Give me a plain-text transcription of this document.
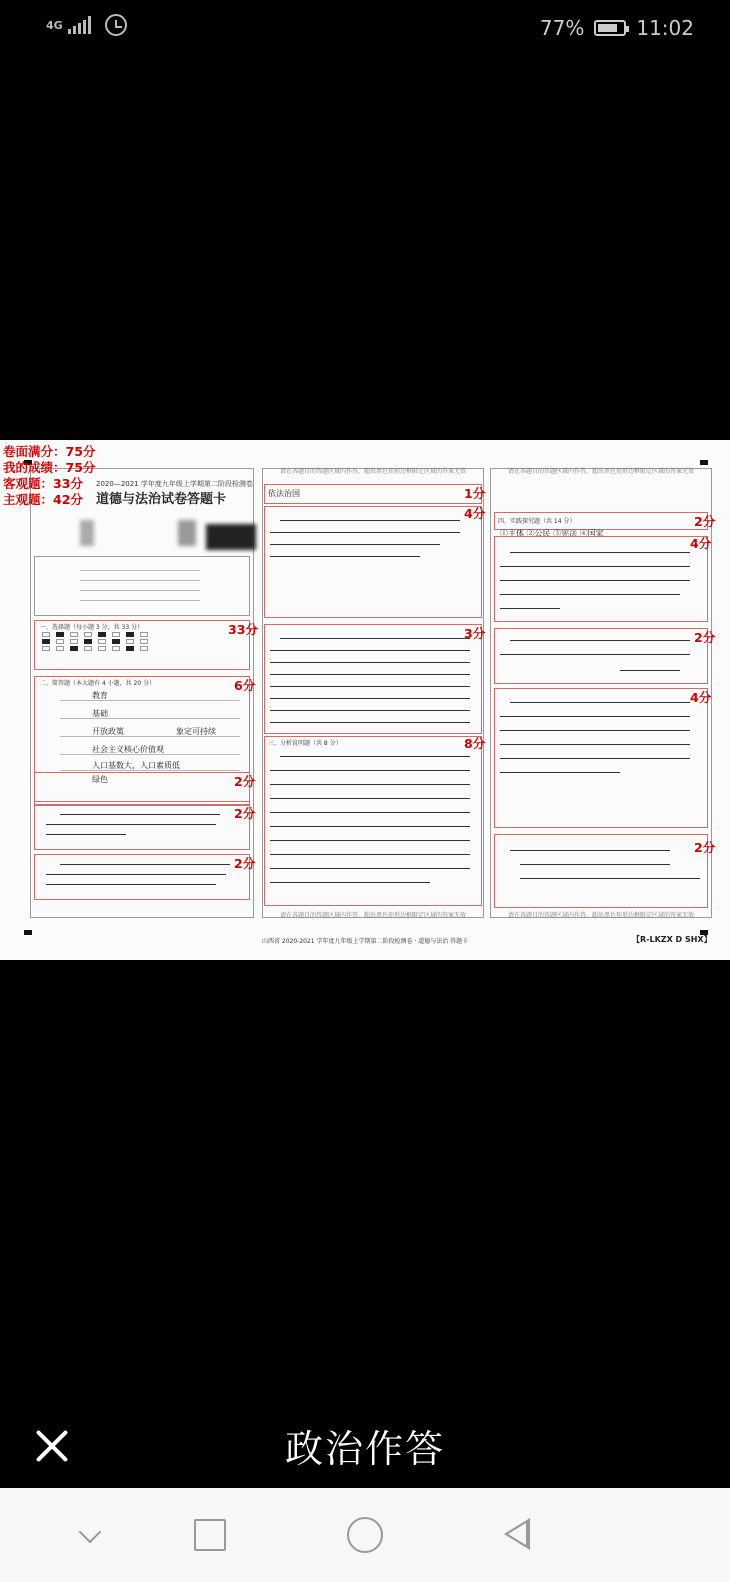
4G	77%	11:02
卷面满分：75分
我的成绩：75分
客观题：33分
主观题：42分
2020—2021 学年度九年级上学期第二阶段检测卷
道德与法治试卷答题卡
一、选择题（每小题 3 分，共 33 分）	33分
二、简答题（本大题有 4 小题，共 20 分）	6分
教育
基础
开放政策	象定可持续
社会主义核心价值观
人口基数大，人口素质低
绿色	2分
2分
2分
请在各题目的答题区域内作答，超出黑色矩形边框限定区域的答案无效
依法治国	1分
4分
3分
三、分析说明题（共 8 分）	8分
请在各题目的答题区域内作答，超出黑色矩形边框限定区域的答案无效
请在各题目的答题区域内作答，超出黑色矩形边框限定区域的答案无效
四、实践探究题（共 14 分）	2分
①主体 ②公民 ③宪法 ④国家
4分
2分
4分
2分
请在各题目的答题区域内作答，超出黑色矩形边框限定区域的答案无效
山西省 2020-2021 学年度九年级上学期第二阶段检测卷 · 道德与法治 答题卡	【R-LKZX D SHX】
政治作答
